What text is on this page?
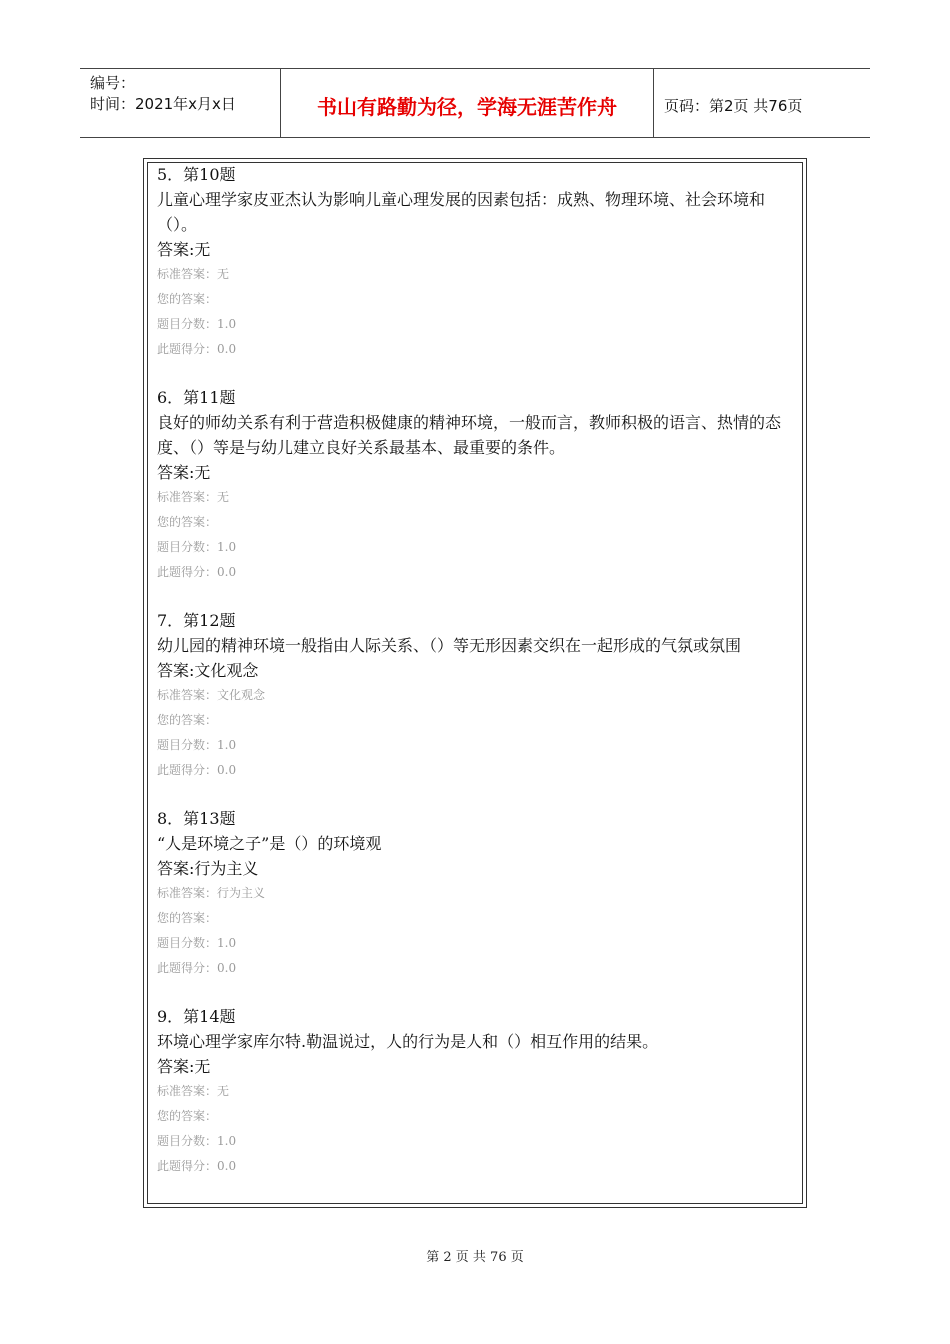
编号：
时间：2021年x月x日	书山有路勤为径，学海无涯苦作舟	页码：第2页 共76页
5．第10题
儿童心理学家皮亚杰认为影响儿童心理发展的因素包括：成熟、物理环境、社会环境和（）。
答案:无
标准答案：无
您的答案：
题目分数：1.0
此题得分：0.0
6．第11题
良好的师幼关系有利于营造积极健康的精神环境，一般而言，教师积极的语言、热情的态度、（）等是与幼儿建立良好关系最基本、最重要的条件。
答案:无
标准答案：无
您的答案：
题目分数：1.0
此题得分：0.0
7．第12题
幼儿园的精神环境一般指由人际关系、（）等无形因素交织在一起形成的气氛或氛围
答案:文化观念
标准答案：文化观念
您的答案：
题目分数：1.0
此题得分：0.0
8．第13题
“人是环境之子”是（）的环境观
答案:行为主义
标准答案：行为主义
您的答案：
题目分数：1.0
此题得分：0.0
9．第14题
环境心理学家库尔特.勒温说过，人的行为是人和（）相互作用的结果。
答案:无
标准答案：无
您的答案：
题目分数：1.0
此题得分：0.0
第 2 页 共 76 页
